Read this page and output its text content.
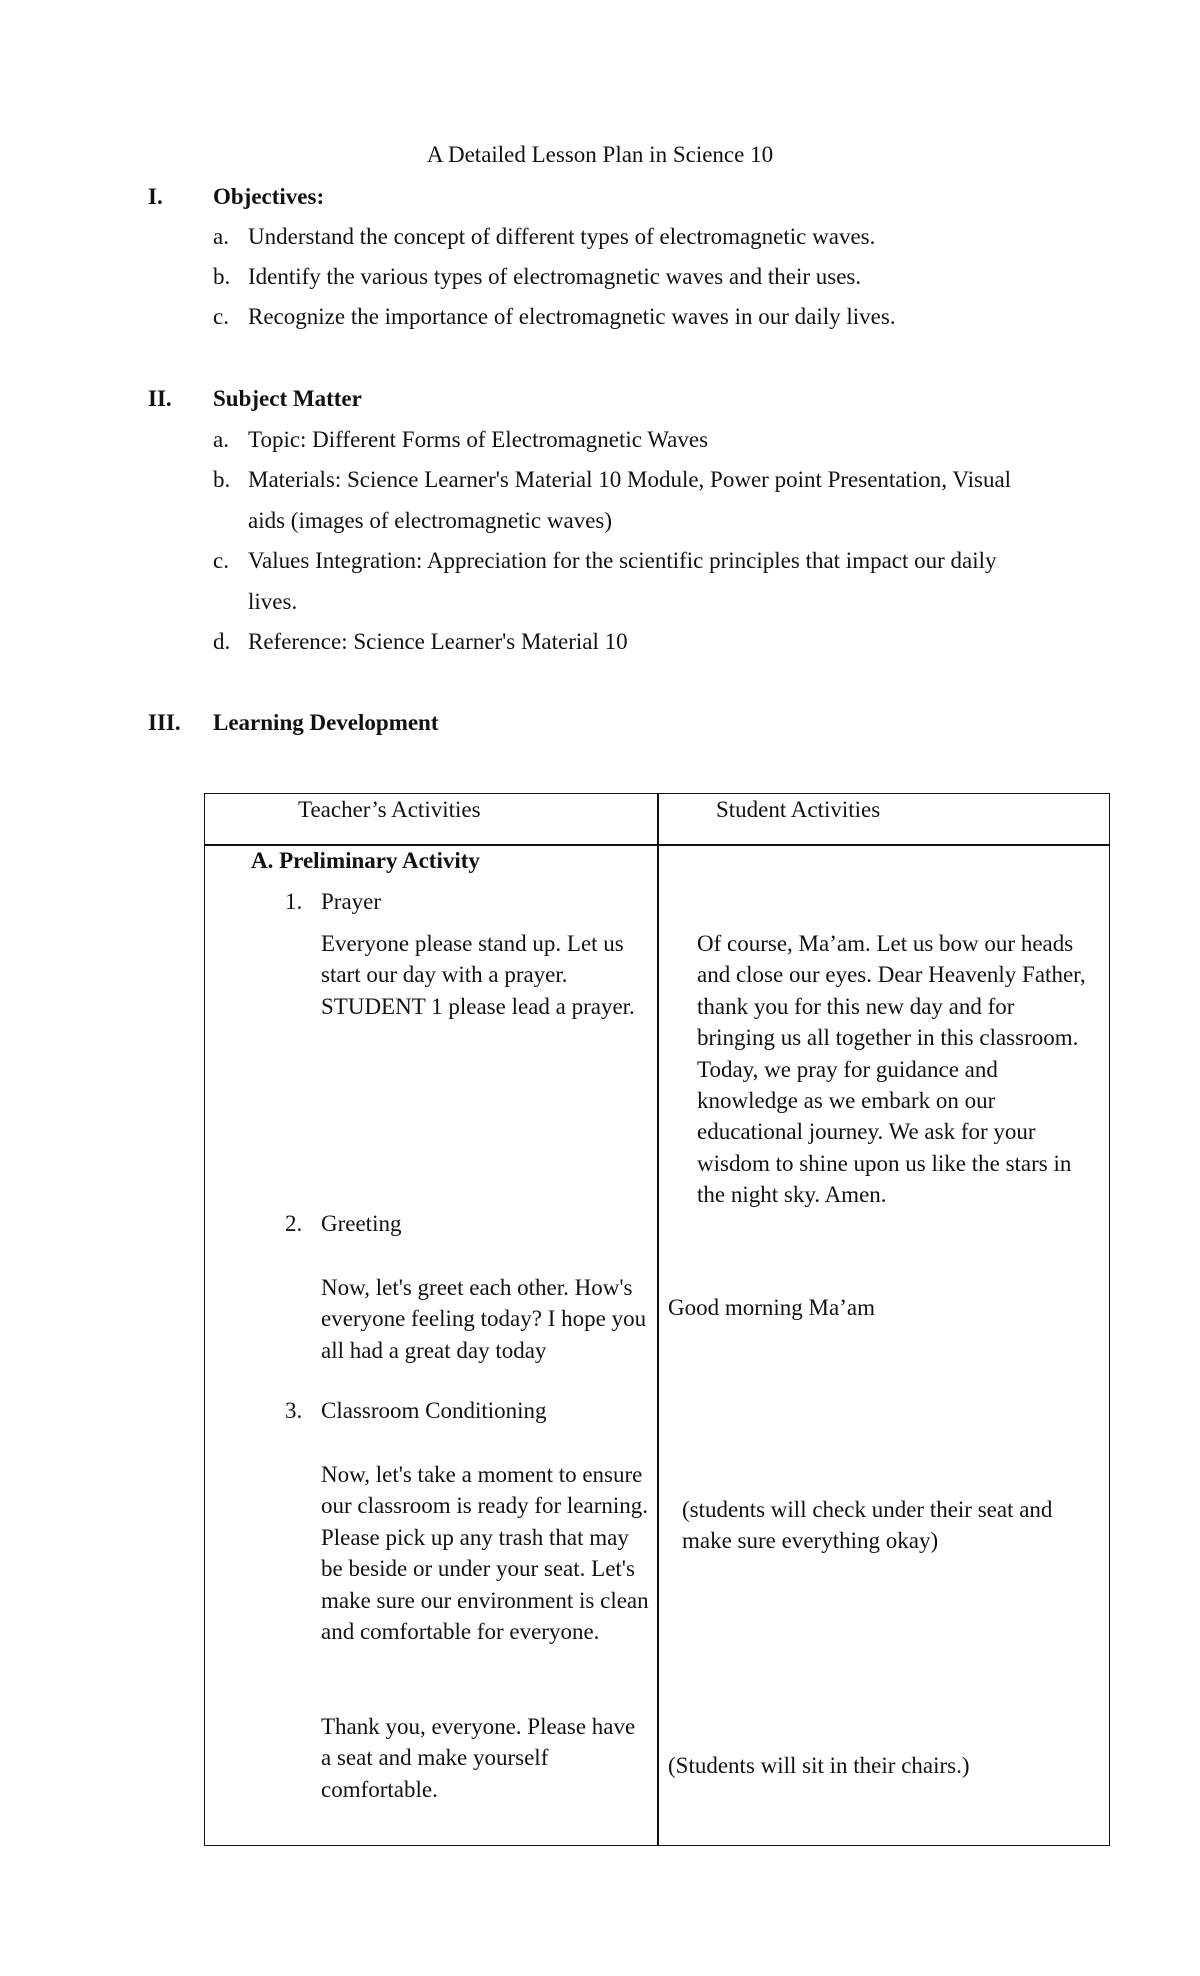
A Detailed Lesson Plan in Science 10
I. Objectives:
a. Understand the concept of different types of electromagnetic waves.
b. Identify the various types of electromagnetic waves and their uses.
c. Recognize the importance of electromagnetic waves in our daily lives.
II. Subject Matter
a. Topic: Different Forms of Electromagnetic Waves
b. Materials: Science Learner's Material 10 Module, Power point Presentation, Visual
aids (images of electromagnetic waves)
c. Values Integration: Appreciation for the scientific principles that impact our daily
lives.
d. Reference: Science Learner's Material 10
III. Learning Development
Teacher’s Activities	Student Activities
A. Preliminary Activity
1. Prayer
Everyone please stand up. Let us start our day with a prayer. STUDENT 1 please lead a prayer.
Of course, Ma’am. Let us bow our heads and close our eyes. Dear Heavenly Father, thank you for this new day and for bringing us all together in this classroom. Today, we pray for guidance and knowledge as we embark on our educational journey. We ask for your wisdom to shine upon us like the stars in the night sky. Amen.
2. Greeting
Now, let's greet each other. How's everyone feeling today? I hope you all had a great day today
Good morning Ma’am
3. Classroom Conditioning
Now, let's take a moment to ensure our classroom is ready for learning. Please pick up any trash that may be beside or under your seat. Let's make sure our environment is clean and comfortable for everyone.
(students will check under their seat and make sure everything okay)
Thank you, everyone. Please have a seat and make yourself comfortable.
(Students will sit in their chairs.)
